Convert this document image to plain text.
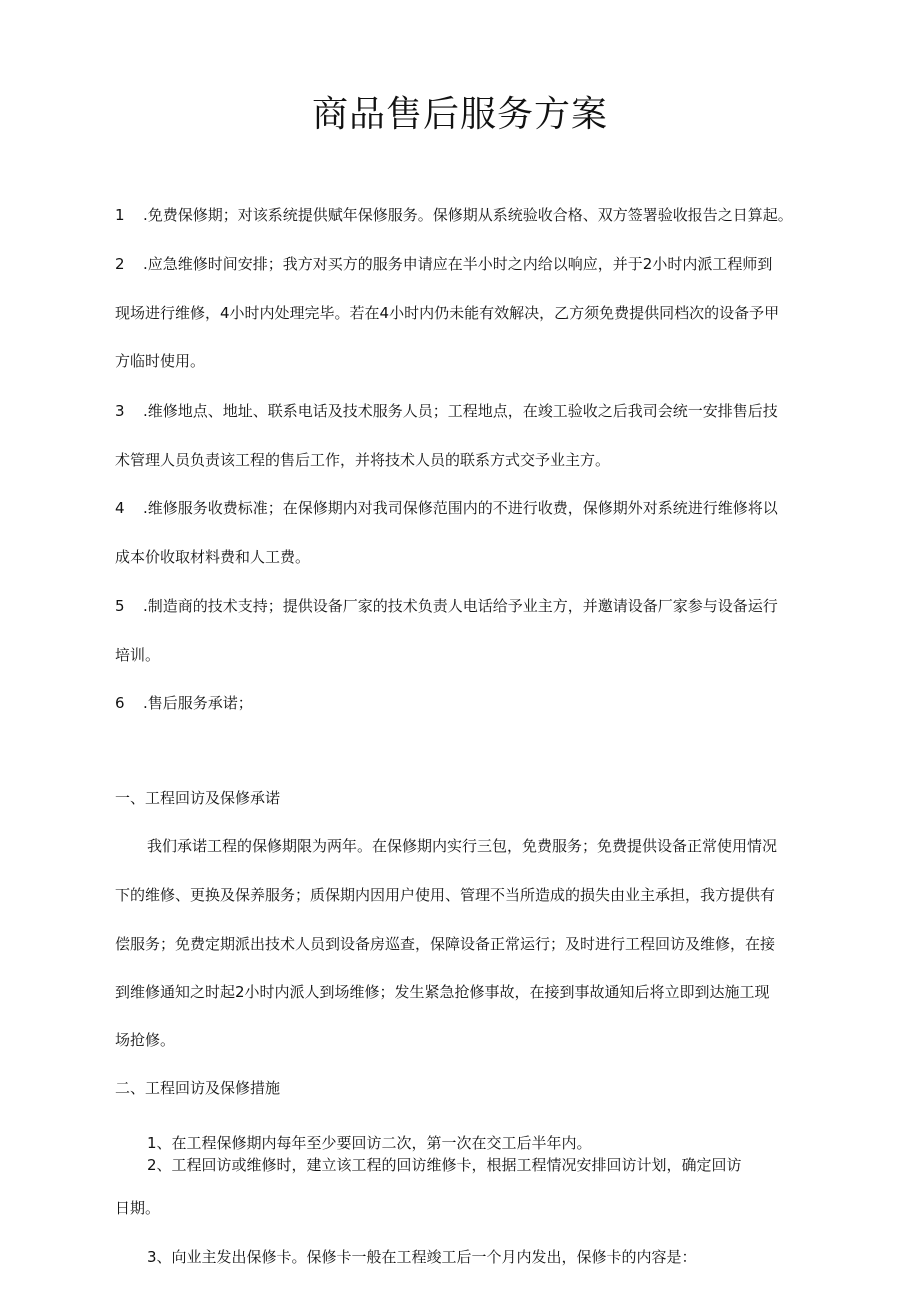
商品售后服务方案
1 .免费保修期；对该系统提供赋年保修服务。保修期从系统验收合格、双方签署验收报告之日算起。
2 .应急维修时间安排；我方对买方的服务申请应在半小时之内给以响应，并于2小时内派工程师到
现场进行维修，4小时内处理完毕。若在4小时内仍未能有效解决，乙方须免费提供同档次的设备予甲
方临时使用。
3 .维修地点、地址、联系电话及技术服务人员；工程地点，在竣工验收之后我司会统一安排售后技
术管理人员负责该工程的售后工作，并将技术人员的联系方式交予业主方。
4 .维修服务收费标准；在保修期内对我司保修范围内的不进行收费，保修期外对系统进行维修将以
成本价收取材料费和人工费。
5 .制造商的技术支持；提供设备厂家的技术负责人电话给予业主方，并邀请设备厂家参与设备运行
培训。
6 .售后服务承诺；
一、工程回访及保修承诺
我们承诺工程的保修期限为两年。在保修期内实行三包，免费服务；免费提供设备正常使用情况
下的维修、更换及保养服务；质保期内因用户使用、管理不当所造成的损失由业主承担，我方提供有
偿服务；免费定期派出技术人员到设备房巡查，保障设备正常运行；及时进行工程回访及维修，在接
到维修通知之时起2小时内派人到场维修；发生紧急抢修事故，在接到事故通知后将立即到达施工现
场抢修。
二、工程回访及保修措施
1、在工程保修期内每年至少要回访二次，第一次在交工后半年内。
2、工程回访或维修时，建立该工程的回访维修卡，根据工程情况安排回访计划，确定回访
日期。
3、向业主发出保修卡。保修卡一般在工程竣工后一个月内发出，保修卡的内容是：
